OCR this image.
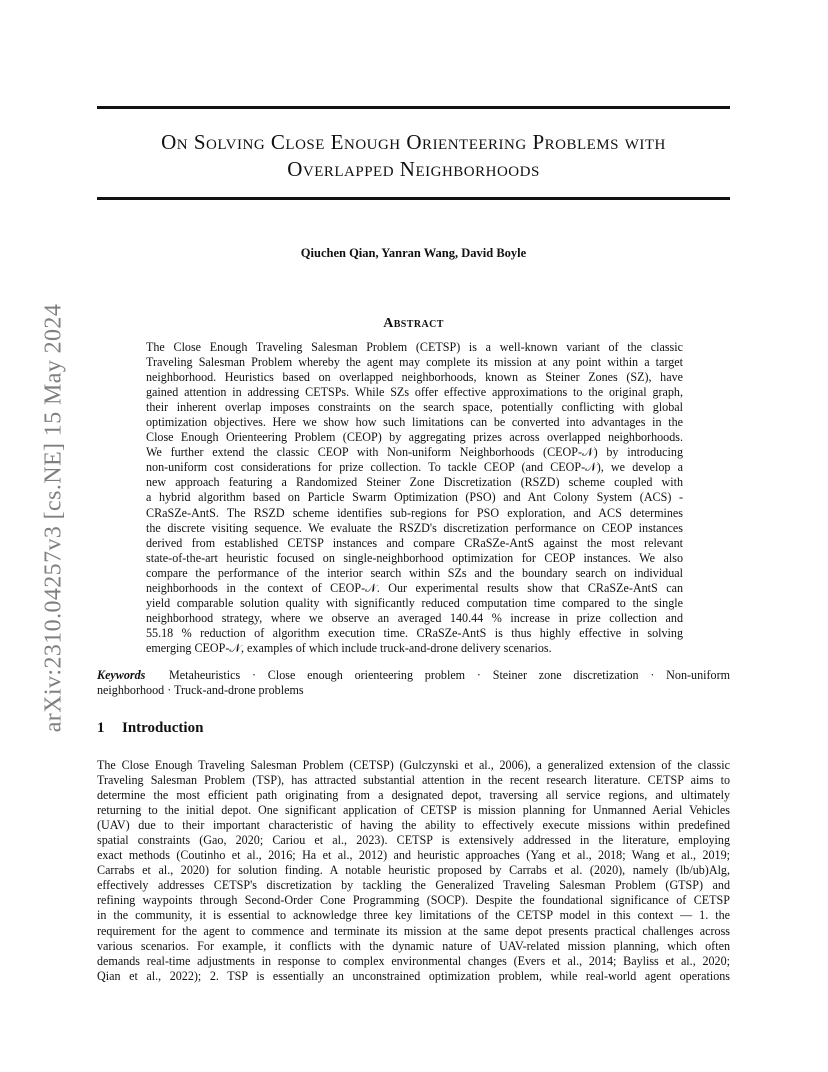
arXiv:2310.04257v3 [cs.NE] 15 May 2024
On Solving Close Enough Orienteering Problems with
Overlapped Neighborhoods
Qiuchen Qian, Yanran Wang, David Boyle
Abstract
The Close Enough Traveling Salesman Problem (CETSP) is a well-known variant of the classic
Traveling Salesman Problem whereby the agent may complete its mission at any point within a target
neighborhood. Heuristics based on overlapped neighborhoods, known as Steiner Zones (SZ), have
gained attention in addressing CETSPs. While SZs offer effective approximations to the original graph,
their inherent overlap imposes constraints on the search space, potentially conflicting with global
optimization objectives. Here we show how such limitations can be converted into advantages in the
Close Enough Orienteering Problem (CEOP) by aggregating prizes across overlapped neighborhoods.
We further extend the classic CEOP with Non-uniform Neighborhoods (CEOP-𝒩) by introducing
non-uniform cost considerations for prize collection. To tackle CEOP (and CEOP-𝒩), we develop a
new approach featuring a Randomized Steiner Zone Discretization (RSZD) scheme coupled with
a hybrid algorithm based on Particle Swarm Optimization (PSO) and Ant Colony System (ACS) -
CRaSZe-AntS. The RSZD scheme identifies sub-regions for PSO exploration, and ACS determines
the discrete visiting sequence. We evaluate the RSZD's discretization performance on CEOP instances
derived from established CETSP instances and compare CRaSZe-AntS against the most relevant
state-of-the-art heuristic focused on single-neighborhood optimization for CEOP instances. We also
compare the performance of the interior search within SZs and the boundary search on individual
neighborhoods in the context of CEOP-𝒩. Our experimental results show that CRaSZe-AntS can
yield comparable solution quality with significantly reduced computation time compared to the single
neighborhood strategy, where we observe an averaged 140.44 % increase in prize collection and
55.18 % reduction of algorithm execution time. CRaSZe-AntS is thus highly effective in solving
emerging CEOP-𝒩, examples of which include truck-and-drone delivery scenarios.
Keywords Metaheuristics · Close enough orienteering problem · Steiner zone discretization · Non-uniform
neighborhood · Truck-and-drone problems
1 Introduction
The Close Enough Traveling Salesman Problem (CETSP) (Gulczynski et al., 2006), a generalized extension of the classic
Traveling Salesman Problem (TSP), has attracted substantial attention in the recent research literature. CETSP aims to
determine the most efficient path originating from a designated depot, traversing all service regions, and ultimately
returning to the initial depot. One significant application of CETSP is mission planning for Unmanned Aerial Vehicles
(UAV) due to their important characteristic of having the ability to effectively execute missions within predefined
spatial constraints (Gao, 2020; Cariou et al., 2023). CETSP is extensively addressed in the literature, employing
exact methods (Coutinho et al., 2016; Ha et al., 2012) and heuristic approaches (Yang et al., 2018; Wang et al., 2019;
Carrabs et al., 2020) for solution finding. A notable heuristic proposed by Carrabs et al. (2020), namely (lb/ub)Alg,
effectively addresses CETSP's discretization by tackling the Generalized Traveling Salesman Problem (GTSP) and
refining waypoints through Second-Order Cone Programming (SOCP). Despite the foundational significance of CETSP
in the community, it is essential to acknowledge three key limitations of the CETSP model in this context — 1. the
requirement for the agent to commence and terminate its mission at the same depot presents practical challenges across
various scenarios. For example, it conflicts with the dynamic nature of UAV-related mission planning, which often
demands real-time adjustments in response to complex environmental changes (Evers et al., 2014; Bayliss et al., 2020;
Qian et al., 2022); 2. TSP is essentially an unconstrained optimization problem, while real-world agent operations
